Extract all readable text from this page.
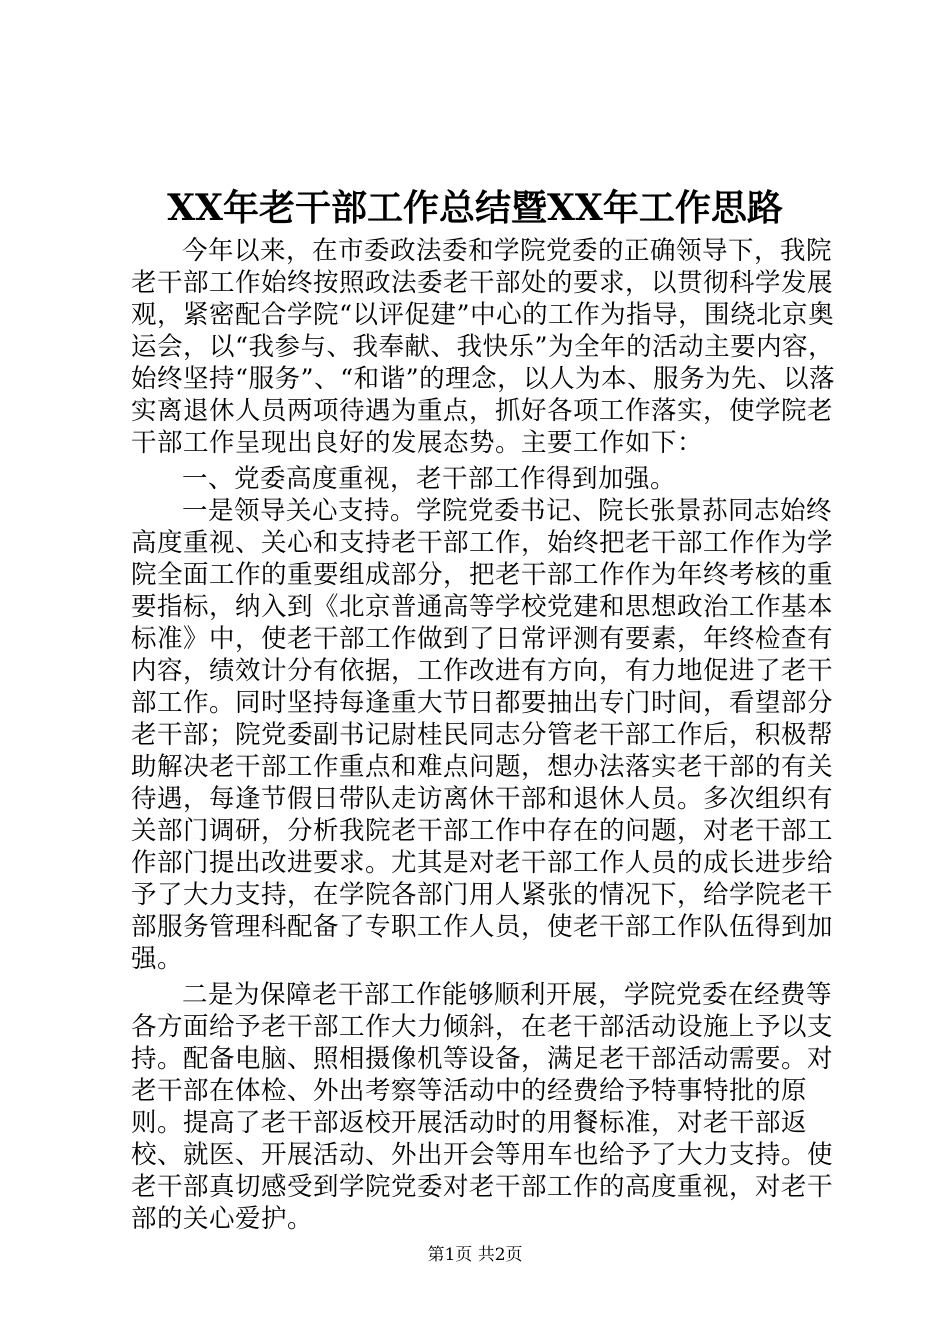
XX年老干部工作总结暨XX年工作思路

今年以来，在市委政法委和学院党委的正确领导下，我院老干部工作始终按照政法委老干部处的要求，以贯彻科学发展观，紧密配合学院“以评促建”中心的工作为指导，围绕北京奥运会，以“我参与、我奉献、我快乐”为全年的活动主要内容，始终坚持“服务”、“和谐”的理念，以人为本、服务为先、以落实离退休人员两项待遇为重点，抓好各项工作落实，使学院老干部工作呈现出良好的发展态势。主要工作如下：

一、党委高度重视，老干部工作得到加强。

一是领导关心支持。学院党委书记、院长张景荪同志始终高度重视、关心和支持老干部工作，始终把老干部工作作为学院全面工作的重要组成部分，把老干部工作作为年终考核的重要指标，纳入到《北京普通高等学校党建和思想政治工作基本标准》中，使老干部工作做到了日常评测有要素，年终检查有内容，绩效计分有依据，工作改进有方向，有力地促进了老干部工作。同时坚持每逢重大节日都要抽出专门时间，看望部分老干部；院党委副书记尉桂民同志分管老干部工作后，积极帮助解决老干部工作重点和难点问题，想办法落实老干部的有关待遇，每逢节假日带队走访离休干部和退休人员。多次组织有关部门调研，分析我院老干部工作中存在的问题，对老干部工作部门提出改进要求。尤其是对老干部工作人员的成长进步给予了大力支持，在学院各部门用人紧张的情况下，给学院老干部服务管理科配备了专职工作人员，使老干部工作队伍得到加强。

二是为保障老干部工作能够顺利开展，学院党委在经费等各方面给予老干部工作大力倾斜，在老干部活动设施上予以支持。配备电脑、照相摄像机等设备，满足老干部活动需要。对老干部在体检、外出考察等活动中的经费给予特事特批的原则。提高了老干部返校开展活动时的用餐标准，对老干部返校、就医、开展活动、外出开会等用车也给予了大力支持。使老干部真切感受到学院党委对老干部工作的高度重视，对老干部的关心爱护。

第1页 共2页
